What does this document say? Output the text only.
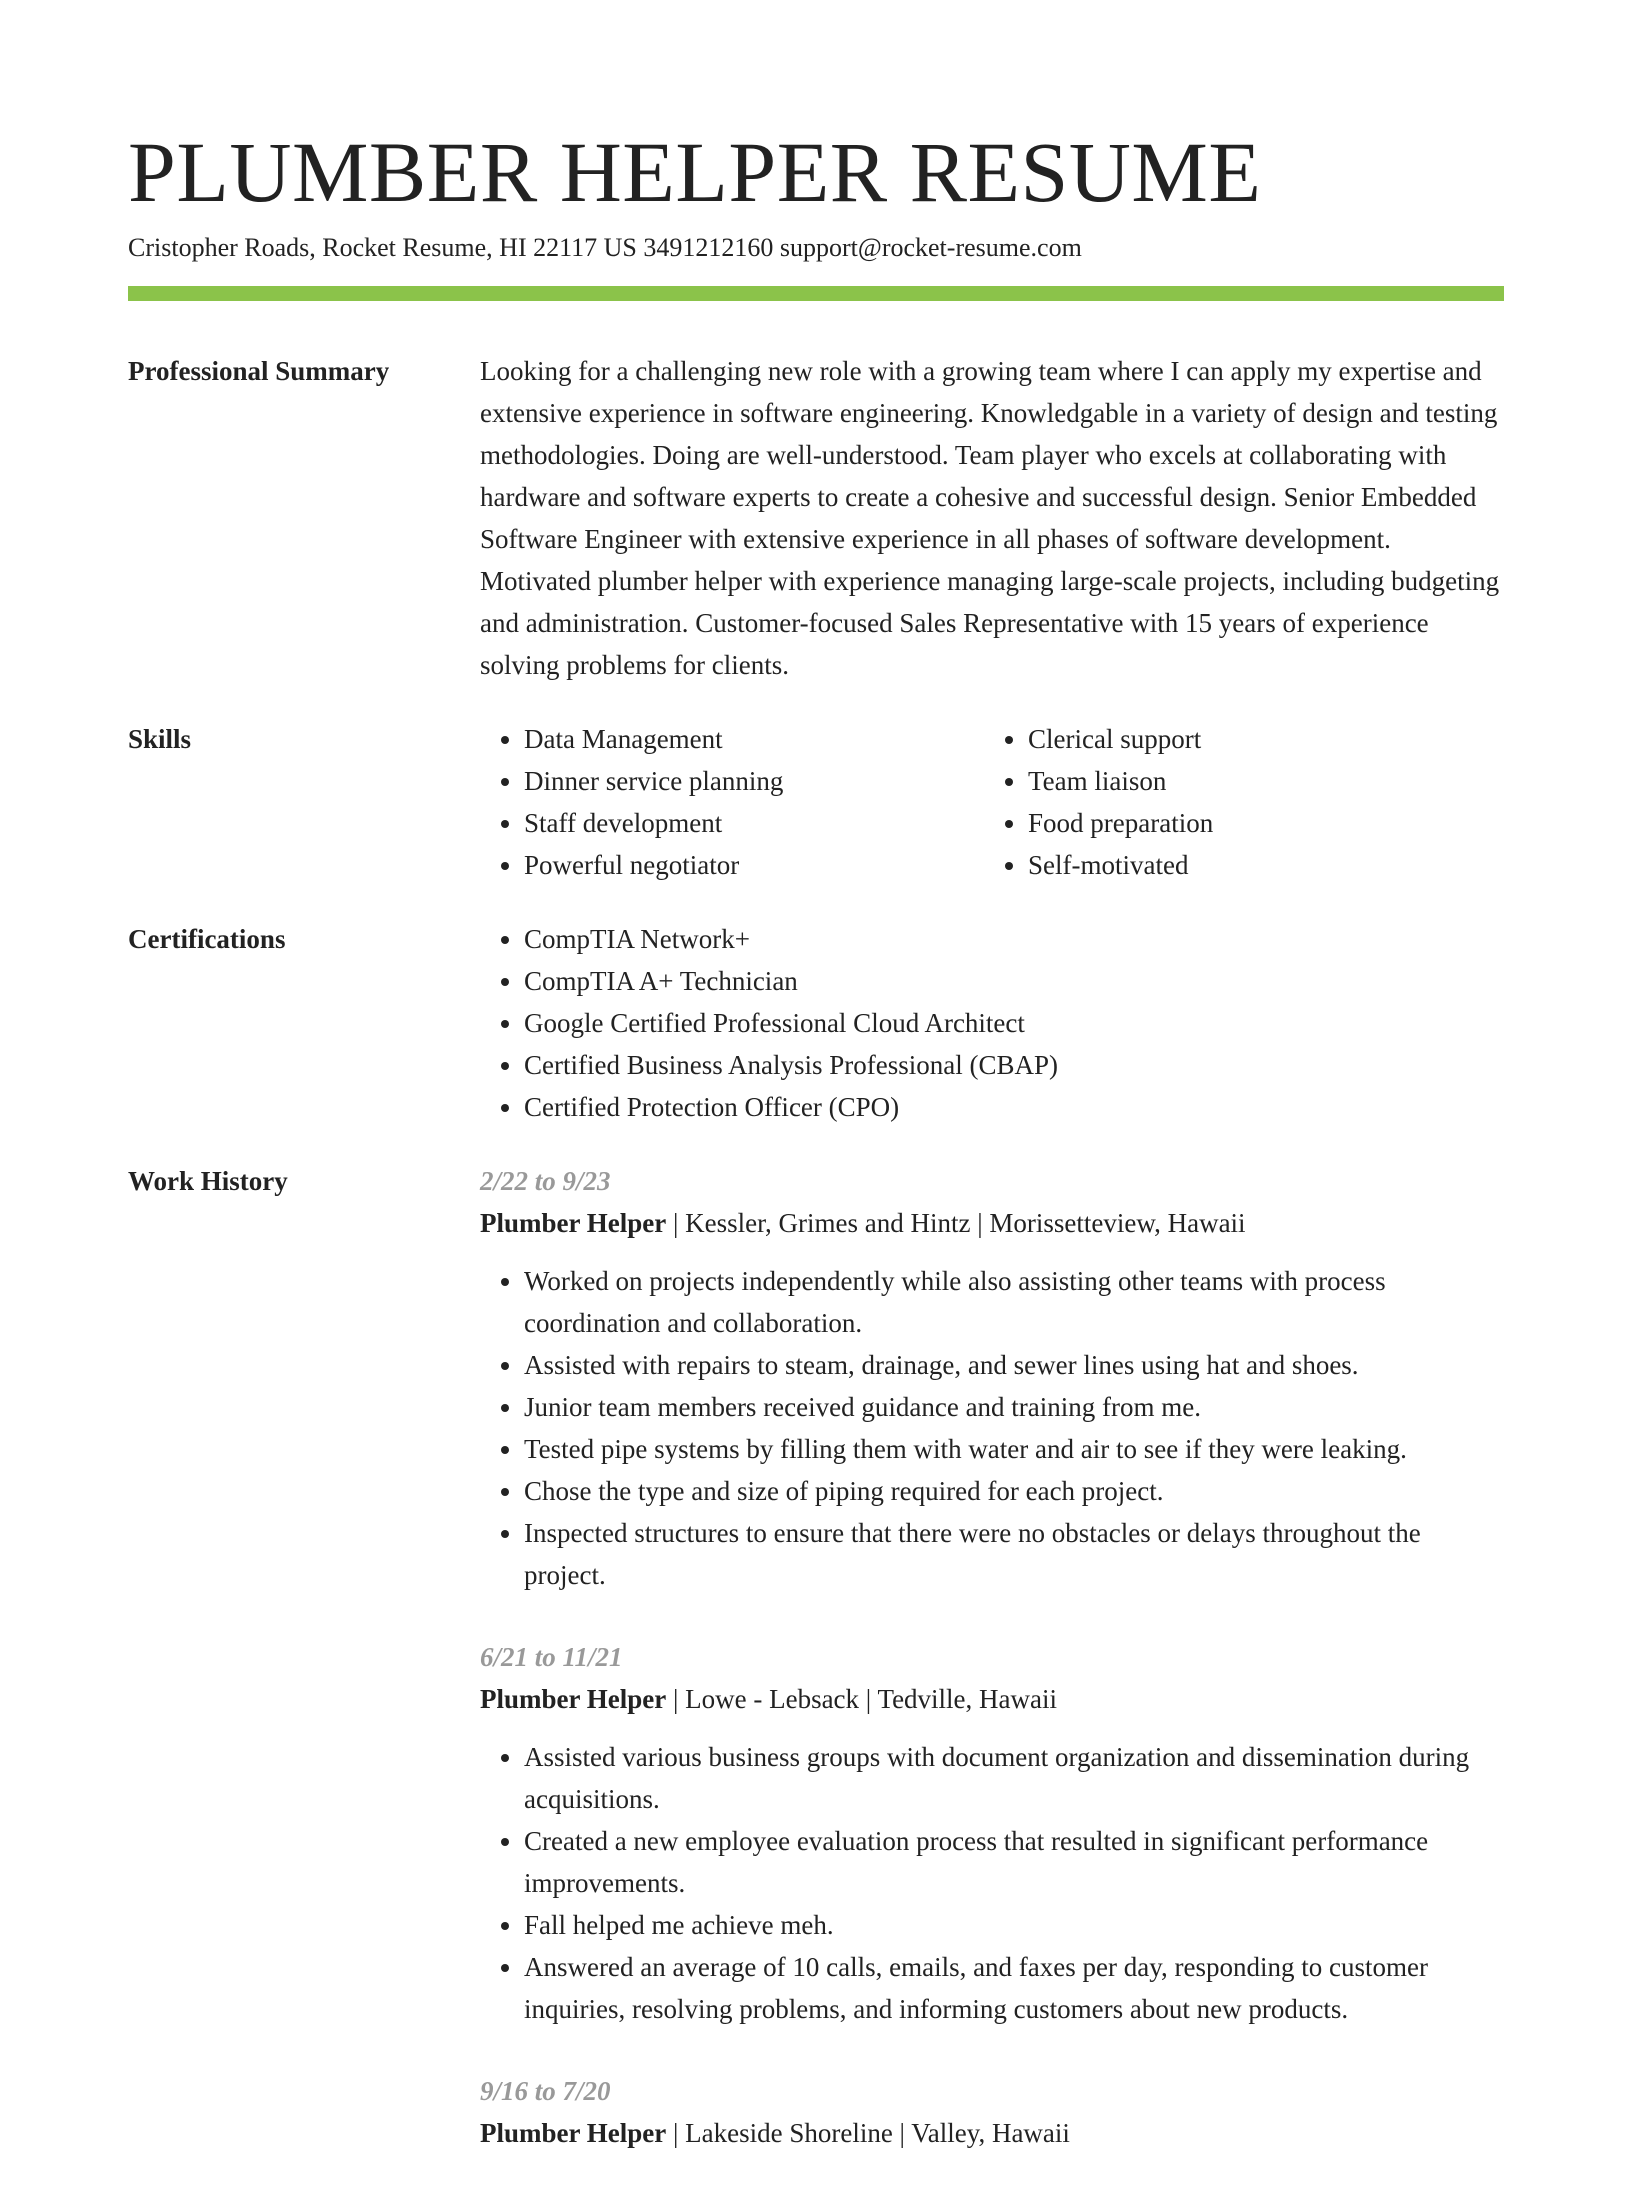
PLUMBER HELPER RESUME
Cristopher Roads, Rocket Resume, HI 22117 US 3491212160 support@rocket-resume.com
Professional Summary	Looking for a challenging new role with a growing team where I can apply my expertise and extensive experience in software engineering. Knowledgable in a variety of design and testing methodologies. Doing are well-understood. Team player who excels at collaborating with hardware and software experts to create a cohesive and successful design. Senior Embedded Software Engineer with extensive experience in all phases of software development. Motivated plumber helper with experience managing large-scale projects, including budgeting and administration. Customer-focused Sales Representative with 15 years of experience solving problems for clients.

Skills	• Data Management
• Dinner service planning
• Staff development
• Powerful negotiator
• Clerical support
• Team liaison
• Food preparation
• Self-motivated
Certifications	• CompTIA Network+
• CompTIA A+ Technician
• Google Certified Professional Cloud Architect
• Certified Business Analysis Professional (CBAP)
• Certified Protection Officer (CPO)
Work History	2/22 to 9/23
Plumber Helper | Kessler, Grimes and Hintz | Morissetteview, Hawaii
• Worked on projects independently while also assisting other teams with process coordination and collaboration.
• Assisted with repairs to steam, drainage, and sewer lines using hat and shoes.
• Junior team members received guidance and training from me.
• Tested pipe systems by filling them with water and air to see if they were leaking.
• Chose the type and size of piping required for each project.
• Inspected structures to ensure that there were no obstacles or delays throughout the project.
6/21 to 11/21
Plumber Helper | Lowe - Lebsack | Tedville, Hawaii
• Assisted various business groups with document organization and dissemination during acquisitions.
• Created a new employee evaluation process that resulted in significant performance improvements.
• Fall helped me achieve meh.
• Answered an average of 10 calls, emails, and faxes per day, responding to customer inquiries, resolving problems, and informing customers about new products.
9/16 to 7/20
Plumber Helper | Lakeside Shoreline | Valley, Hawaii
